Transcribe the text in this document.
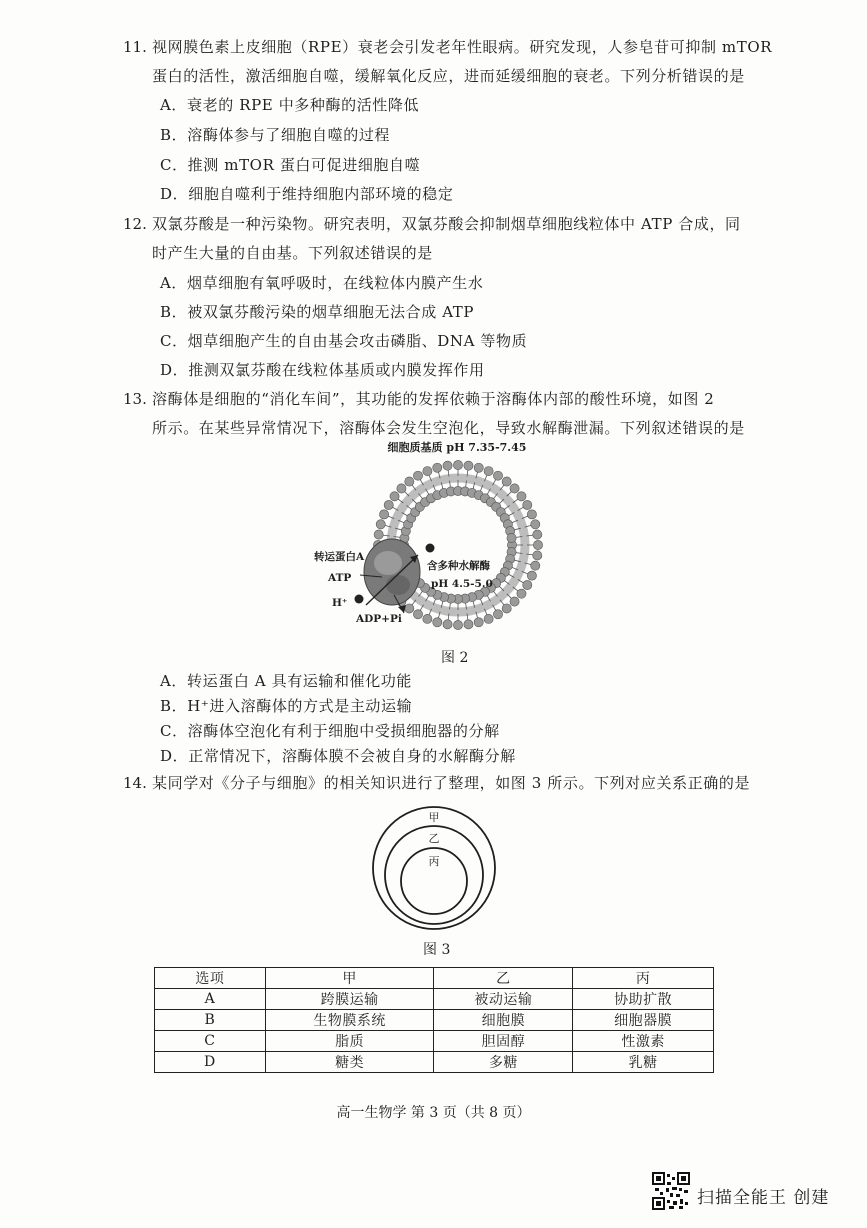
11. 视网膜色素上皮细胞（RPE）衰老会引发老年性眼病。研究发现，人参皂苷可抑制 mTOR
蛋白的活性，激活细胞自噬，缓解氧化反应，进而延缓细胞的衰老。下列分析错误的是
A．衰老的 RPE 中多种酶的活性降低
B．溶酶体参与了细胞自噬的过程
C．推测 mTOR 蛋白可促进细胞自噬
D．细胞自噬利于维持细胞内部环境的稳定
12. 双氯芬酸是一种污染物。研究表明，双氯芬酸会抑制烟草细胞线粒体中 ATP 合成，同
时产生大量的自由基。下列叙述错误的是
A．烟草细胞有氧呼吸时，在线粒体内膜产生水
B．被双氯芬酸污染的烟草细胞无法合成 ATP
C．烟草细胞产生的自由基会攻击磷脂、DNA 等物质
D．推测双氯芬酸在线粒体基质或内膜发挥作用
13. 溶酶体是细胞的“消化车间”，其功能的发挥依赖于溶酶体内部的酸性环境，如图 2
所示。在某些异常情况下，溶酶体会发生空泡化，导致水解酶泄漏。下列叙述错误的是
细胞质基质 pH 7.35-7.45
转运蛋白A
ATP
H⁺
ADP+Pi
含多种水解酶
pH 4.5-5.0
图 2
A．转运蛋白 A 具有运输和催化功能
B．H⁺进入溶酶体的方式是主动运输
C．溶酶体空泡化有利于细胞中受损细胞器的分解
D．正常情况下，溶酶体膜不会被自身的水解酶分解
14. 某同学对《分子与细胞》的相关知识进行了整理，如图 3 所示。下列对应关系正确的是
甲
乙
丙
图 3
选项	甲	乙	丙
A	跨膜运输	被动运输	协助扩散
B	生物膜系统	细胞膜	细胞器膜
C	脂质	胆固醇	性激素
D	糖类	多糖	乳糖
高一生物学 第 3 页（共 8 页）
扫描全能王 创建
